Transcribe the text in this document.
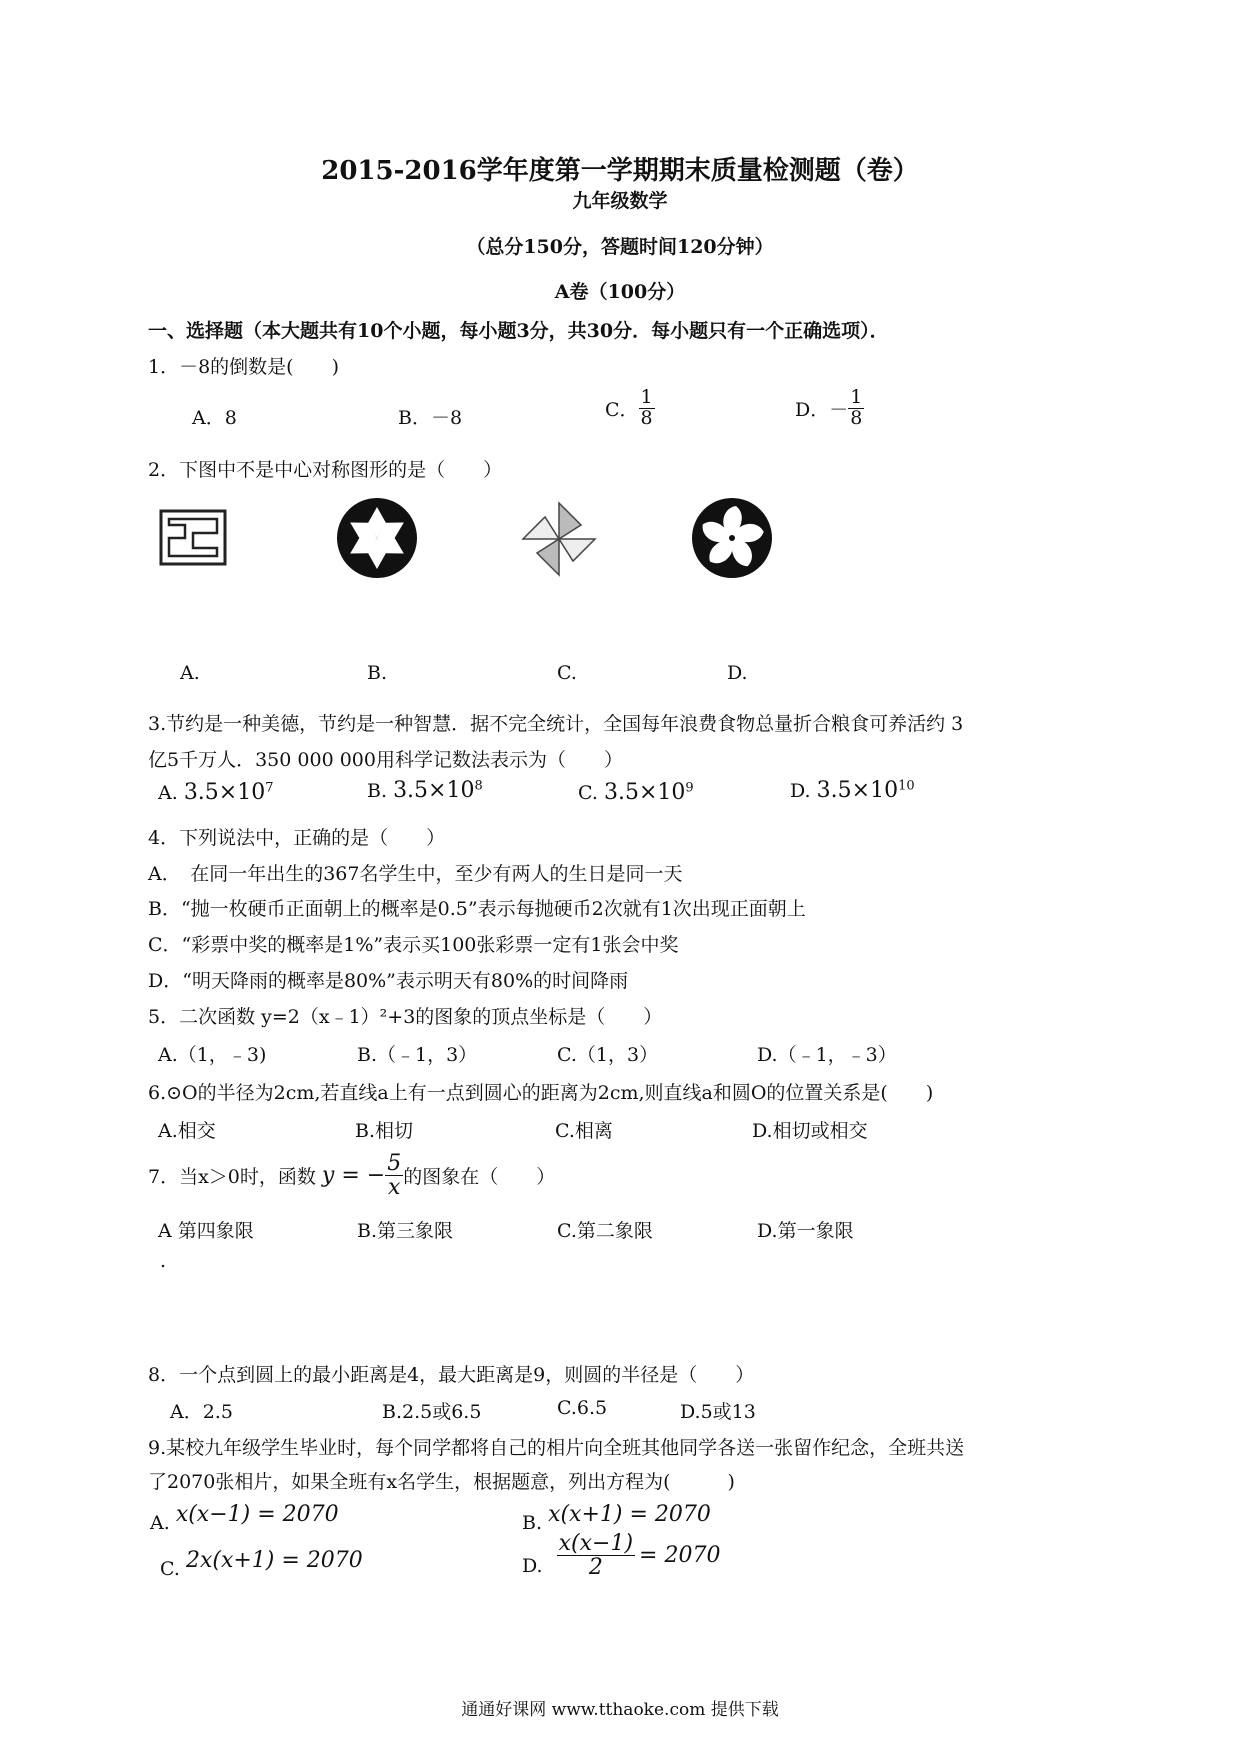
2015-2016学年度第一学期期末质量检测题（卷）
九年级数学
（总分150分，答题时间120分钟）
A卷（100分）
一、选择题（本大题共有10个小题，每小题3分，共30分．每小题只有一个正确选项）．
1．－8的倒数是(　　)
A．8	B．－8	C． $\frac{1}{8}$	D．－ $\frac{1}{8}$
2．下图中不是中心对称图形的是（　　）
A.	B.	C.	D.
3.节约是一种美德，节约是一种智慧．据不完全统计，全国每年浪费食物总量折合粮食可养活约 3
亿5千万人．350 000 000用科学记数法表示为（　　）
A. $3.5\times 10^7$	B. $3.5\times 10^8$	C. $3.5\times 10^9$	D. $3.5\times 10^{10}$
4．下列说法中，正确的是（　　）
A．　在同一年出生的367名学生中，至少有两人的生日是同一天
B．“抛一枚硬币正面朝上的概率是0.5”表示每抛硬币2次就有1次出现正面朝上
C．“彩票中奖的概率是1%”表示买100张彩票一定有1张会中奖
D．“明天降雨的概率是80%”表示明天有80%的时间降雨
5．二次函数 y=2（x﹣1）²+3的图象的顶点坐标是（　　）
A.（1，﹣3)	B.（﹣1，3）	C.（1，3）	D.（﹣1，﹣3）
6.⊙O的半径为2cm,若直线a上有一点到圆心的距离为2cm,则直线a和圆O的位置关系是(　　)
A.相交	B.相切	C.相离	D.相切或相交
7．当x＞0时，函数 y = − $\frac{5}{x}$ 的图象在（　　）
A 第四象限	B.第三象限	C.第二象限	D.第一象限
.
8．一个点到圆上的最小距离是4，最大距离是9，则圆的半径是（　　）
A．2.5	B.2.5或6.5	C.6.5	D.5或13
9.某校九年级学生毕业时，每个同学都将自己的相片向全班其他同学各送一张留作纪念，全班共送
了2070张相片，如果全班有x名学生，根据题意，列出方程为(　　　)
A. x(x−1) = 2070	B. x(x+1) = 2070
C. 2x(x+1) = 2070	D. $\frac{x(x-1)}{2} = 2070$
通通好课网 www.tthaoke.com 提供下载
